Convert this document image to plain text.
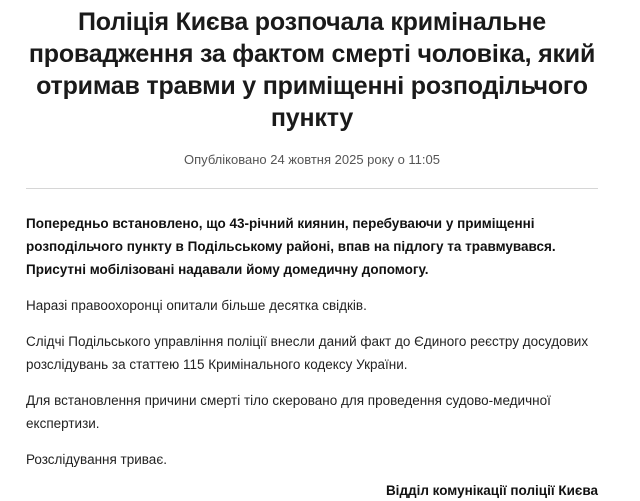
Поліція Києва розпочала кримінальне провадження за фактом смерті чоловіка, який отримав травми у приміщенні розподільчого пункту
Опубліковано 24 жовтня 2025 року о 11:05

Попередньо встановлено, що 43-річний киянин, перебуваючи у приміщенні розподільчого пункту в Подільському районі, впав на підлогу та травмувався. Присутні мобілізовані надавали йому домедичну допомогу.

Наразі правоохоронці опитали більше десятка свідків.

Слідчі Подільського управління поліції внесли даний факт до Єдиного реєстру досудових розслідувань за статтею 115 Кримінального кодексу України.

Для встановлення причини смерті тіло скеровано для проведення судово-медичної експертизи.

Розслідування триває.

Відділ комунікації поліції Києва
